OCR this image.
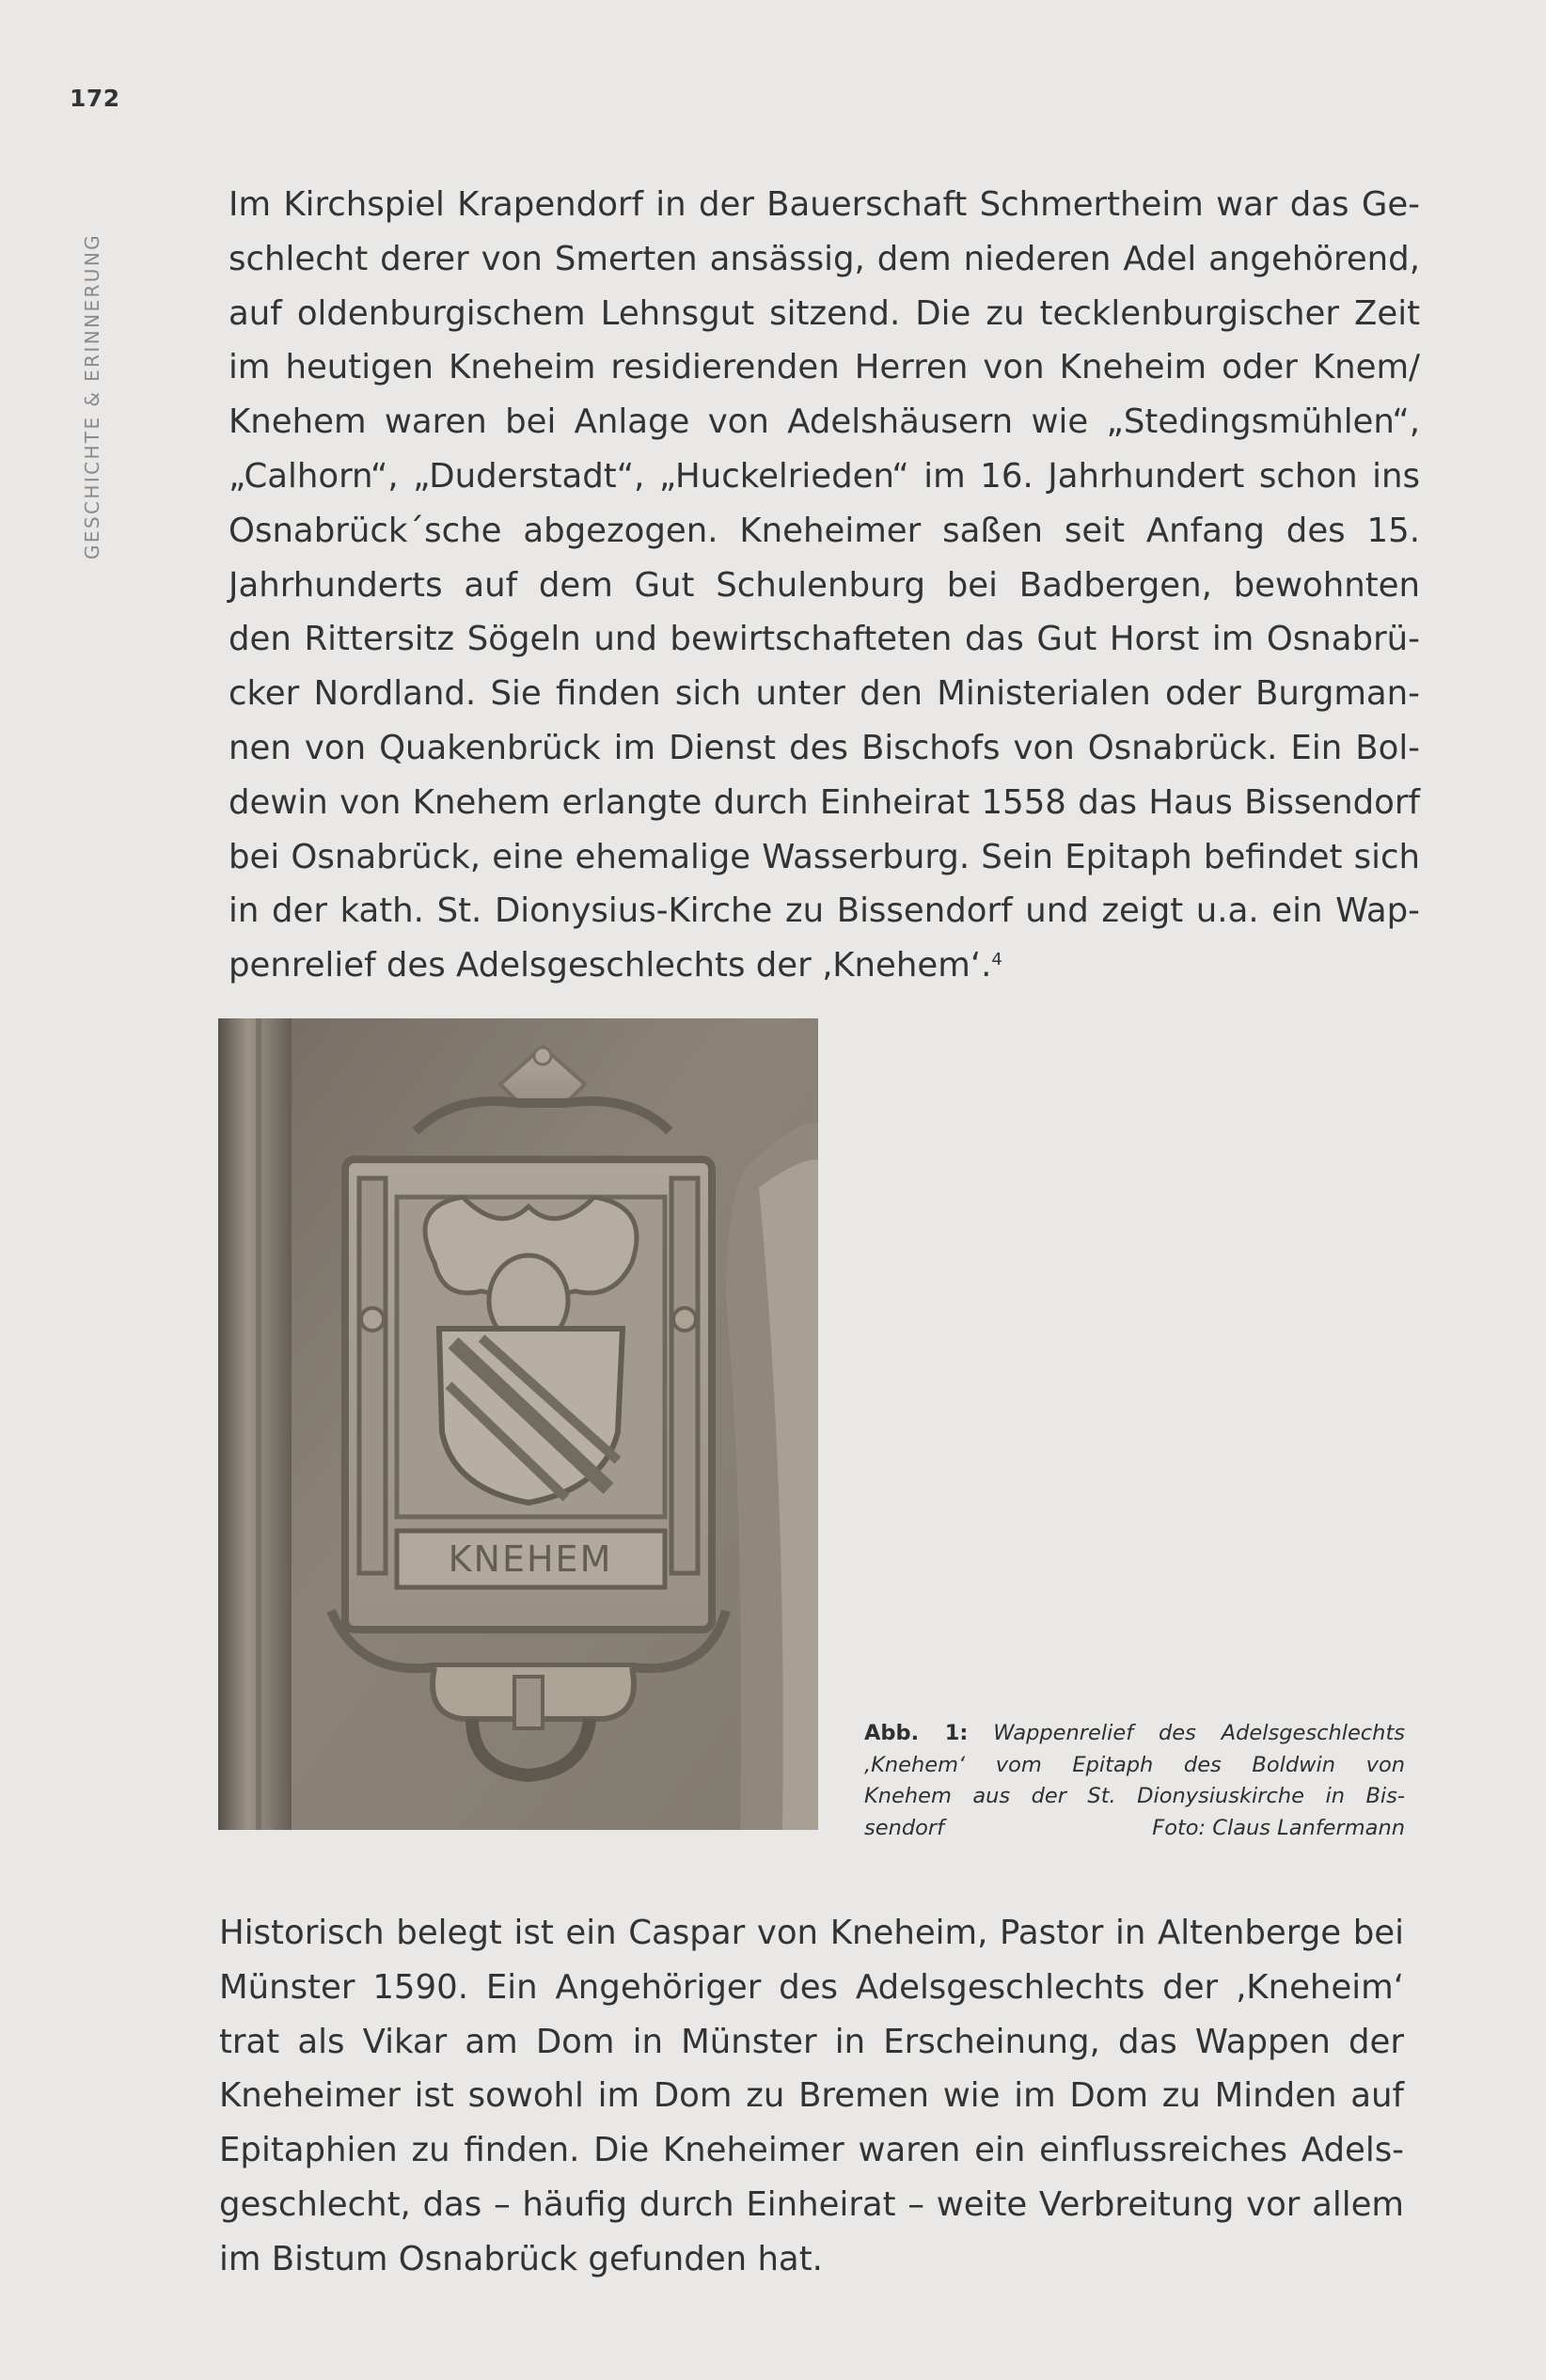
172
GESCHICHTE & ERINNERUNG
Im Kirchspiel Krapendorf in der Bauerschaft Schmertheim war das Ge-
schlecht derer von Smerten ansässig, dem niederen Adel angehörend,
auf oldenburgischem Lehnsgut sitzend. Die zu tecklenburgischer Zeit
im heutigen Kneheim residierenden Herren von Kneheim oder Knem/
Knehem waren bei Anlage von Adelshäusern wie „Stedingsmühlen“,
„Calhorn“, „Duderstadt“, „Huckelrieden“ im 16. Jahrhundert schon ins
Osnabrück´sche abgezogen. Kneheimer saßen seit Anfang des 15.
Jahrhunderts auf dem Gut Schulenburg bei Badbergen, bewohnten
den Rittersitz Sögeln und bewirtschafteten das Gut Horst im Osnabrü-
cker Nordland. Sie finden sich unter den Ministerialen oder Burgman-
nen von Quakenbrück im Dienst des Bischofs von Osnabrück. Ein Bol-
dewin von Knehem erlangte durch Einheirat 1558 das Haus Bissendorf
bei Osnabrück, eine ehemalige Wasserburg. Sein Epitaph befindet sich
in der kath. St. Dionysius-Kirche zu Bissendorf und zeigt u.a. ein Wap-
penrelief des Adelsgeschlechts der ‚Knehem‘.$^4$
KNEHEM
Abb. 1: Wappenrelief des Adelsgeschlechts
‚Knehem‘ vom Epitaph des Boldwin von
Knehem aus der St. Dionysiuskirche in Bis-
sendorf	Foto: Claus Lanfermann
Historisch belegt ist ein Caspar von Kneheim, Pastor in Altenberge bei
Münster 1590. Ein Angehöriger des Adelsgeschlechts der ‚Kneheim‘
trat als Vikar am Dom in Münster in Erscheinung, das Wappen der
Kneheimer ist sowohl im Dom zu Bremen wie im Dom zu Minden auf
Epitaphien zu finden. Die Kneheimer waren ein einflussreiches Adels-
geschlecht, das – häufig durch Einheirat – weite Verbreitung vor allem
im Bistum Osnabrück gefunden hat.
